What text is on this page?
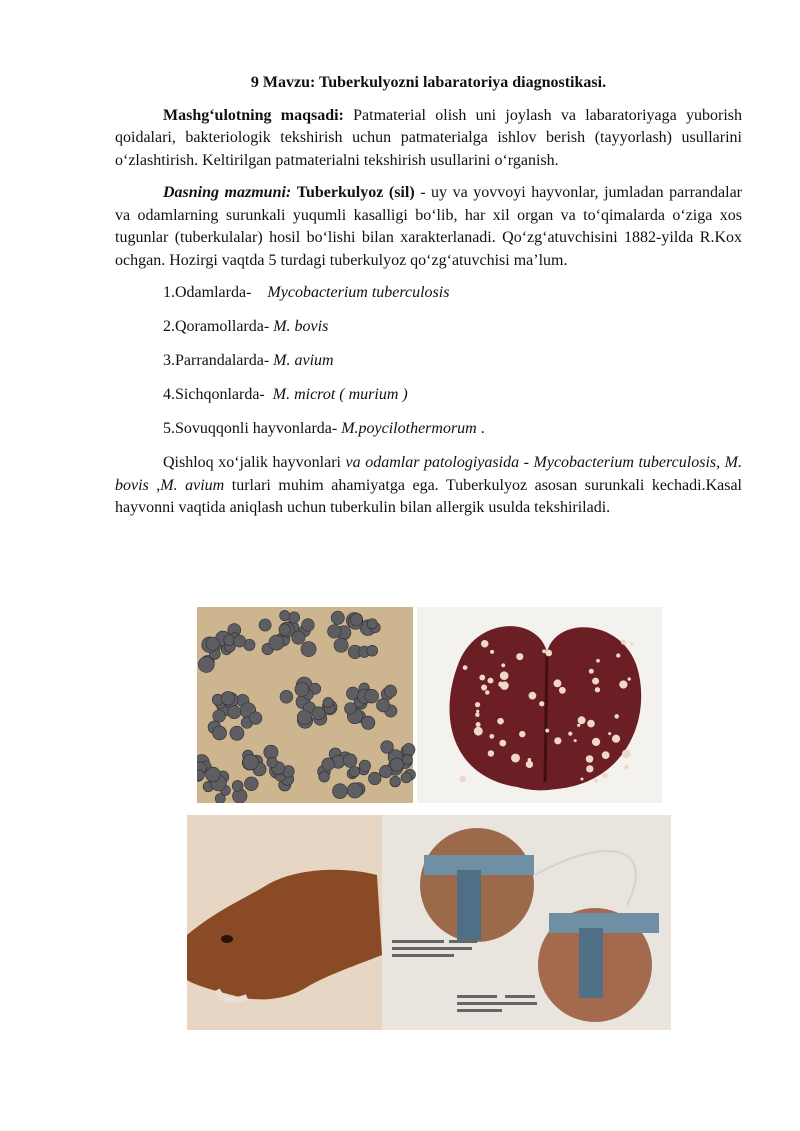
9 Mavzu: Tuberkulyozni labaratoriya diagnostikasi.

Mashg‘ulotning maqsadi: Patmaterial olish uni joylash va labaratoriyaga yuborish qoidalari, bakteriologik tekshirish uchun patmaterialga ishlov berish (tayyorlash) usullarini o‘zlashtirish. Keltirilgan patmaterialni tekshirish usullarini o‘rganish.

Dasning mazmuni: Tuberkulyoz (sil) - uy va yovvoyi hayvonlar, jumladan parrandalar va odamlarning surunkali yuqumli kasalligi bo‘lib, har xil organ va to‘qimalarda o‘ziga xos tugunlar (tuberkulalar) hosil bo‘lishi bilan xarakterlanadi. Qo‘zg‘atuvchisini 1882-yilda R.Kox ochgan. Hozirgi vaqtda 5 turdagi tuberkulyoz qo‘zg‘atuvchisi ma’lum.

1.Odamlarda- Mycobacterium tuberculosis
2.Qoramollarda- M. bovis
3.Parrandalarda- M. avium
4.Sichqonlarda- M. microt ( murium )
5.Sovuqqonli hayvonlarda- M.poycilothermorum .

Qishloq xo‘jalik hayvonlari va odamlar patologiyasida - Mycobacterium tuberculosis, M. bovis ,M. avium turlari muhim ahamiyatga ega. Tuberkulyoz asosan surunkali kechadi.Kasal hayvonni vaqtida aniqlash uchun tuberkulin bilan allergik usulda tekshiriladi.
